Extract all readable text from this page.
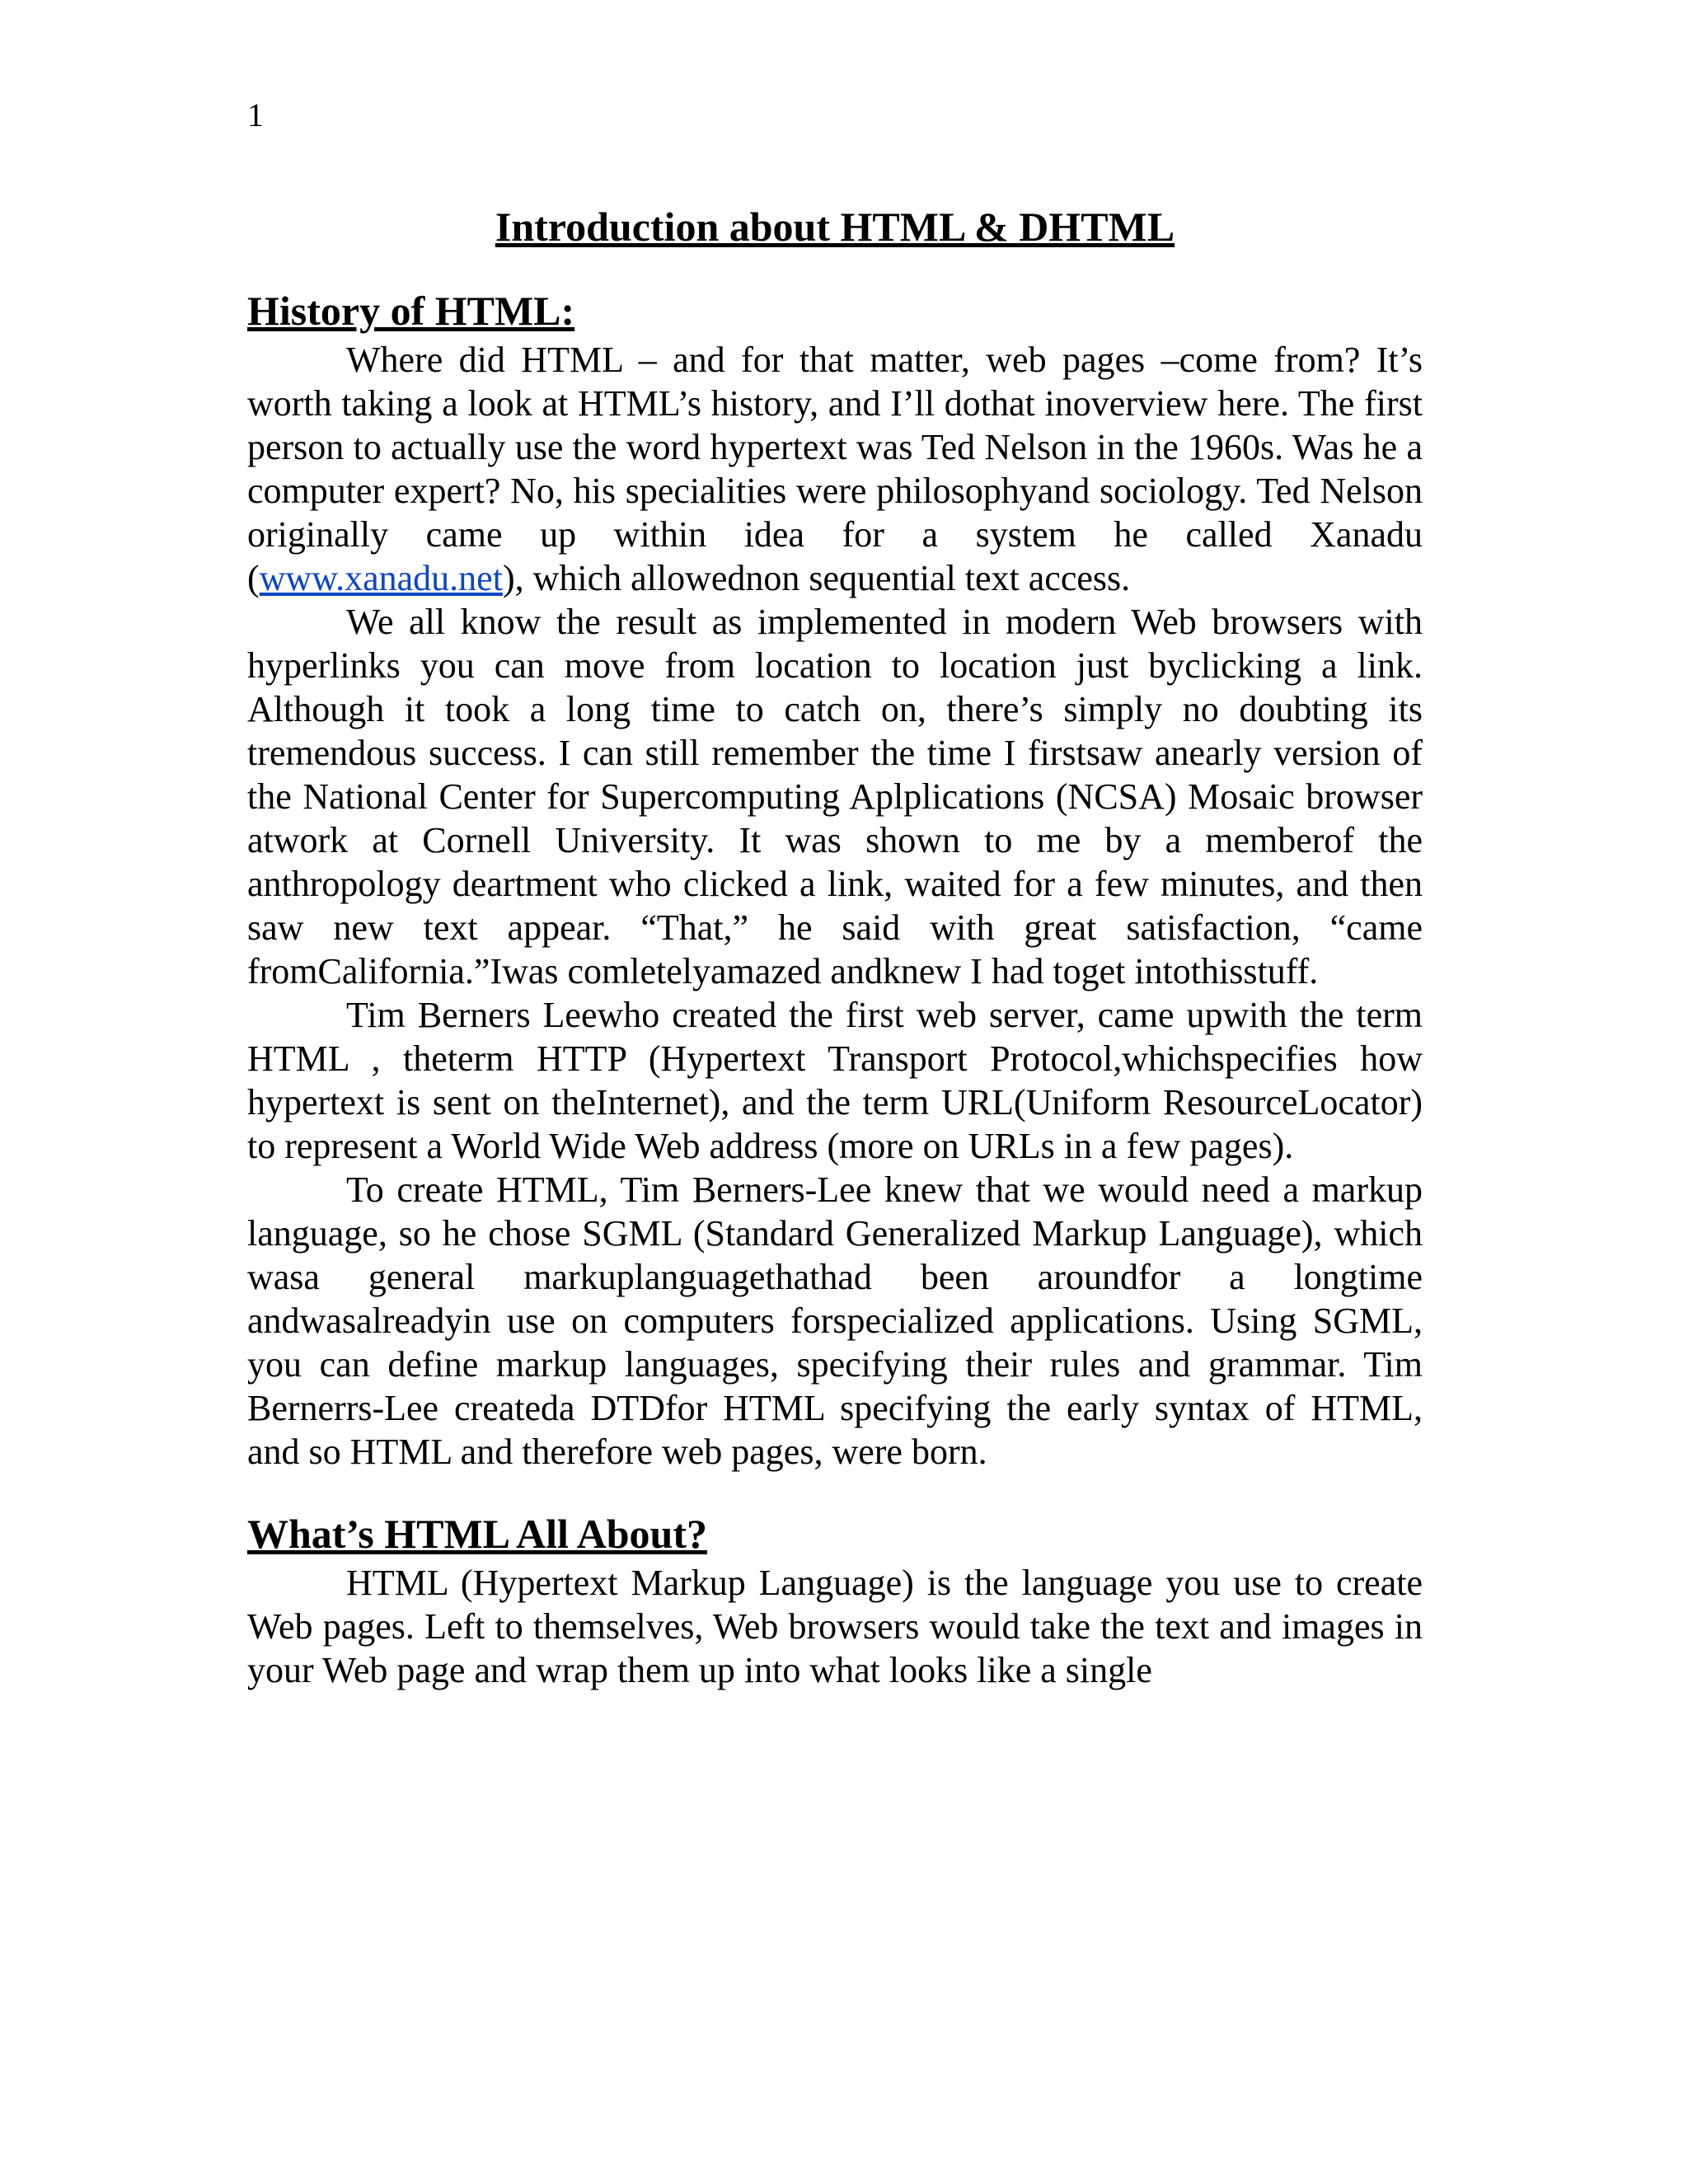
1
Introduction about HTML & DHTML
History of HTML:

Where did HTML – and for that matter, web pages –come from? It’s worth taking a look at HTML’s history, and I’ll dothat inoverview here. The first person to actually use the word hypertext was Ted Nelson in the 1960s. Was he a computer expert? No, his specialities were philosophyand sociology. Ted Nelson originally came up within idea for a system he called Xanadu (www.xanadu.net), which allowednon sequential text access.

We all know the result as implemented in modern Web browsers with hyperlinks you can move from location to location just byclicking a link. Although it took a long time to catch on, there’s simply no doubting its tremendous success. I can still remember the time I firstsaw anearly version of the National Center for Supercomputing Aplplications (NCSA) Mosaic browser atwork at Cornell University. It was shown to me by a memberof the anthropology deartment who clicked a link, waited for a few minutes, and then saw new text appear. “That,” he said with great satisfaction, “came fromCalifornia.”Iwas comletelyamazed andknew I had toget intothisstuff.

Tim Berners Leewho created the first web server, came upwith the term HTML , theterm HTTP (Hypertext Transport Protocol,whichspecifies how hypertext is sent on theInternet), and the term URL(Uniform ResourceLocator) to represent a World Wide Web address (more on URLs in a few pages).

To create HTML, Tim Berners-Lee knew that we would need a markup language, so he chose SGML (Standard Generalized Markup Language), which wasa general markuplanguagethathad been aroundfor a longtime andwasalreadyin use on computers forspecialized applications. Using SGML, you can define markup languages, specifying their rules and grammar. Tim Bernerrs-Lee createda DTDfor HTML specifying the early syntax of HTML, and so HTML and therefore web pages, were born.

What’s HTML All About?

HTML (Hypertext Markup Language) is the language you use to create Web pages. Left to themselves, Web browsers would take the text and images in your Web page and wrap them up into what looks like a single
